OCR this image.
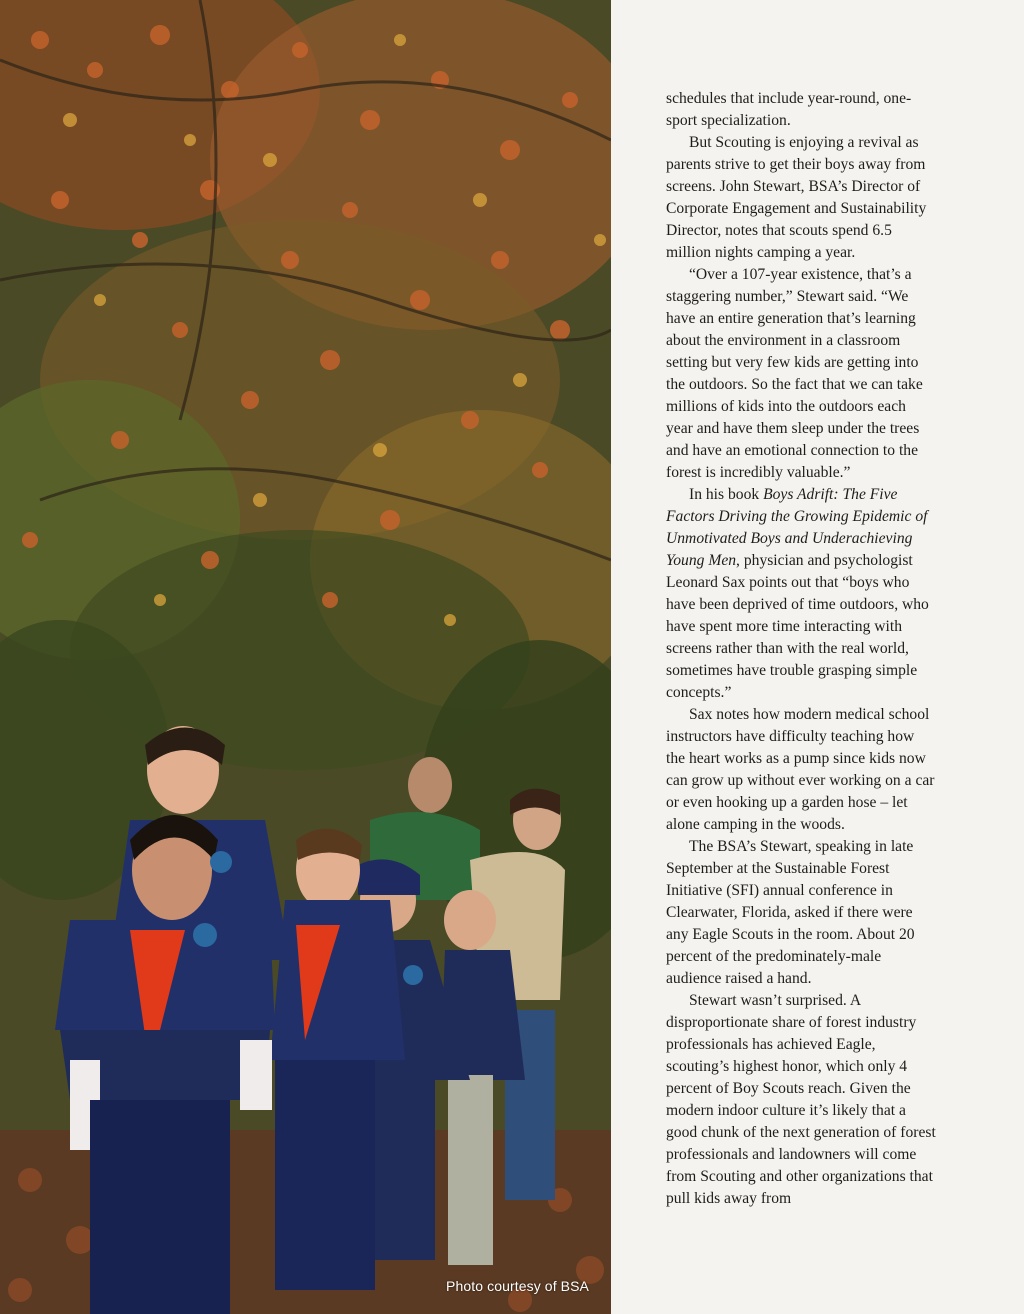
Photo courtesy of BSA

schedules that include year-round, one-sport specialization.

But Scouting is enjoying a revival as parents strive to get their boys away from screens. John Stewart, BSA’s Director of Corporate Engagement and Sustainability Director, notes that scouts spend 6.5 million nights camping a year.

“Over a 107-year existence, that’s a staggering number,” Stewart said. “We have an entire generation that’s learning about the environment in a classroom setting but very few kids are getting into the outdoors. So the fact that we can take millions of kids into the outdoors each year and have them sleep under the trees and have an emotional connection to the forest is incredibly valuable.”

In his book Boys Adrift: The Five Factors Driving the Growing Epidemic of Unmotivated Boys and Underachieving Young Men, physician and psychologist Leonard Sax points out that “boys who have been deprived of time outdoors, who have spent more time interacting with screens rather than with the real world, sometimes have trouble grasping simple concepts.”

Sax notes how modern medical school instructors have difficulty teaching how the heart works as a pump since kids now can grow up without ever working on a car or even hooking up a garden hose – let alone camping in the woods.

The BSA’s Stewart, speaking in late September at the Sustainable Forest Initiative (SFI) annual conference in Clearwater, Florida, asked if there were any Eagle Scouts in the room. About 20 percent of the predominately-male audience raised a hand.

Stewart wasn’t surprised. A disproportionate share of forest industry professionals has achieved Eagle, scouting’s highest honor, which only 4 percent of Boy Scouts reach. Given the modern indoor culture it’s likely that a good chunk of the next generation of forest professionals and landowners will come from Scouting and other organizations that pull kids away from
